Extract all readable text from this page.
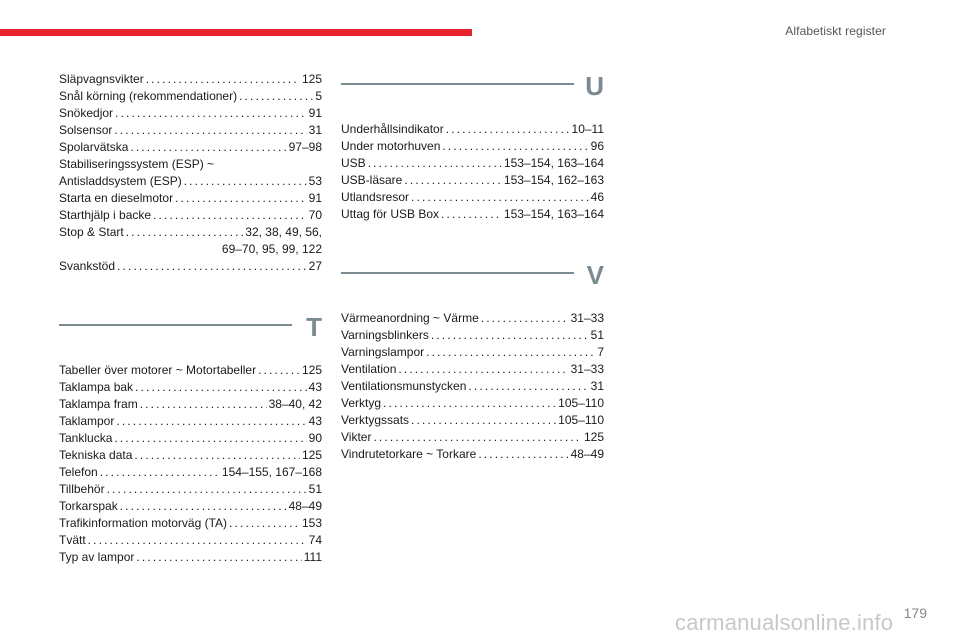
Alfabetiskt register
Släpvagnsvikter . . .	125
Snål körning (rekommendationer) . . .	5
Snökedjor . . .	91
Solsensor . . .	31
Spolarvätska . . .	97–98
Stabiliseringssystem (ESP) ~
Antisladdsystem (ESP) . . .	53
Starta en dieselmotor . . .	91
Starthjälp i backe . . .	70
Stop & Start . . .	32, 38, 49, 56,
69–70, 95, 99, 122
Svankstöd . . .	27
T
Tabeller över motorer ~ Motortabeller . . .	125
Taklampa bak . . .	43
Taklampa fram . . .	38–40, 42
Taklampor . . .	43
Tanklucka . . .	90
Tekniska data . . .	125
Telefon . . .	154–155, 167–168
Tillbehör . . .	51
Torkarspak . . .	48–49
Trafikinformation motorväg (TA) . . .	153
Tvätt . . .	74
Typ av lampor . . .	111
U
Underhållsindikator . . .	10–11
Under motorhuven . . .	96
USB . . .	153–154, 163–164
USB-läsare . . .	153–154, 162–163
Utlandsresor . . .	46
Uttag för USB Box . . .	153–154, 163–164
V
Värmeanordning ~ Värme . . .	31–33
Varningsblinkers . . .	51
Varningslampor . . .	7
Ventilation . . .	31–33
Ventilationsmunstycken . . .	31
Verktyg . . .	105–110
Verktygssats . . .	105–110
Vikter . . .	125
Vindrutetorkare ~ Torkare . . .	48–49
179
carmanualsonline.info
